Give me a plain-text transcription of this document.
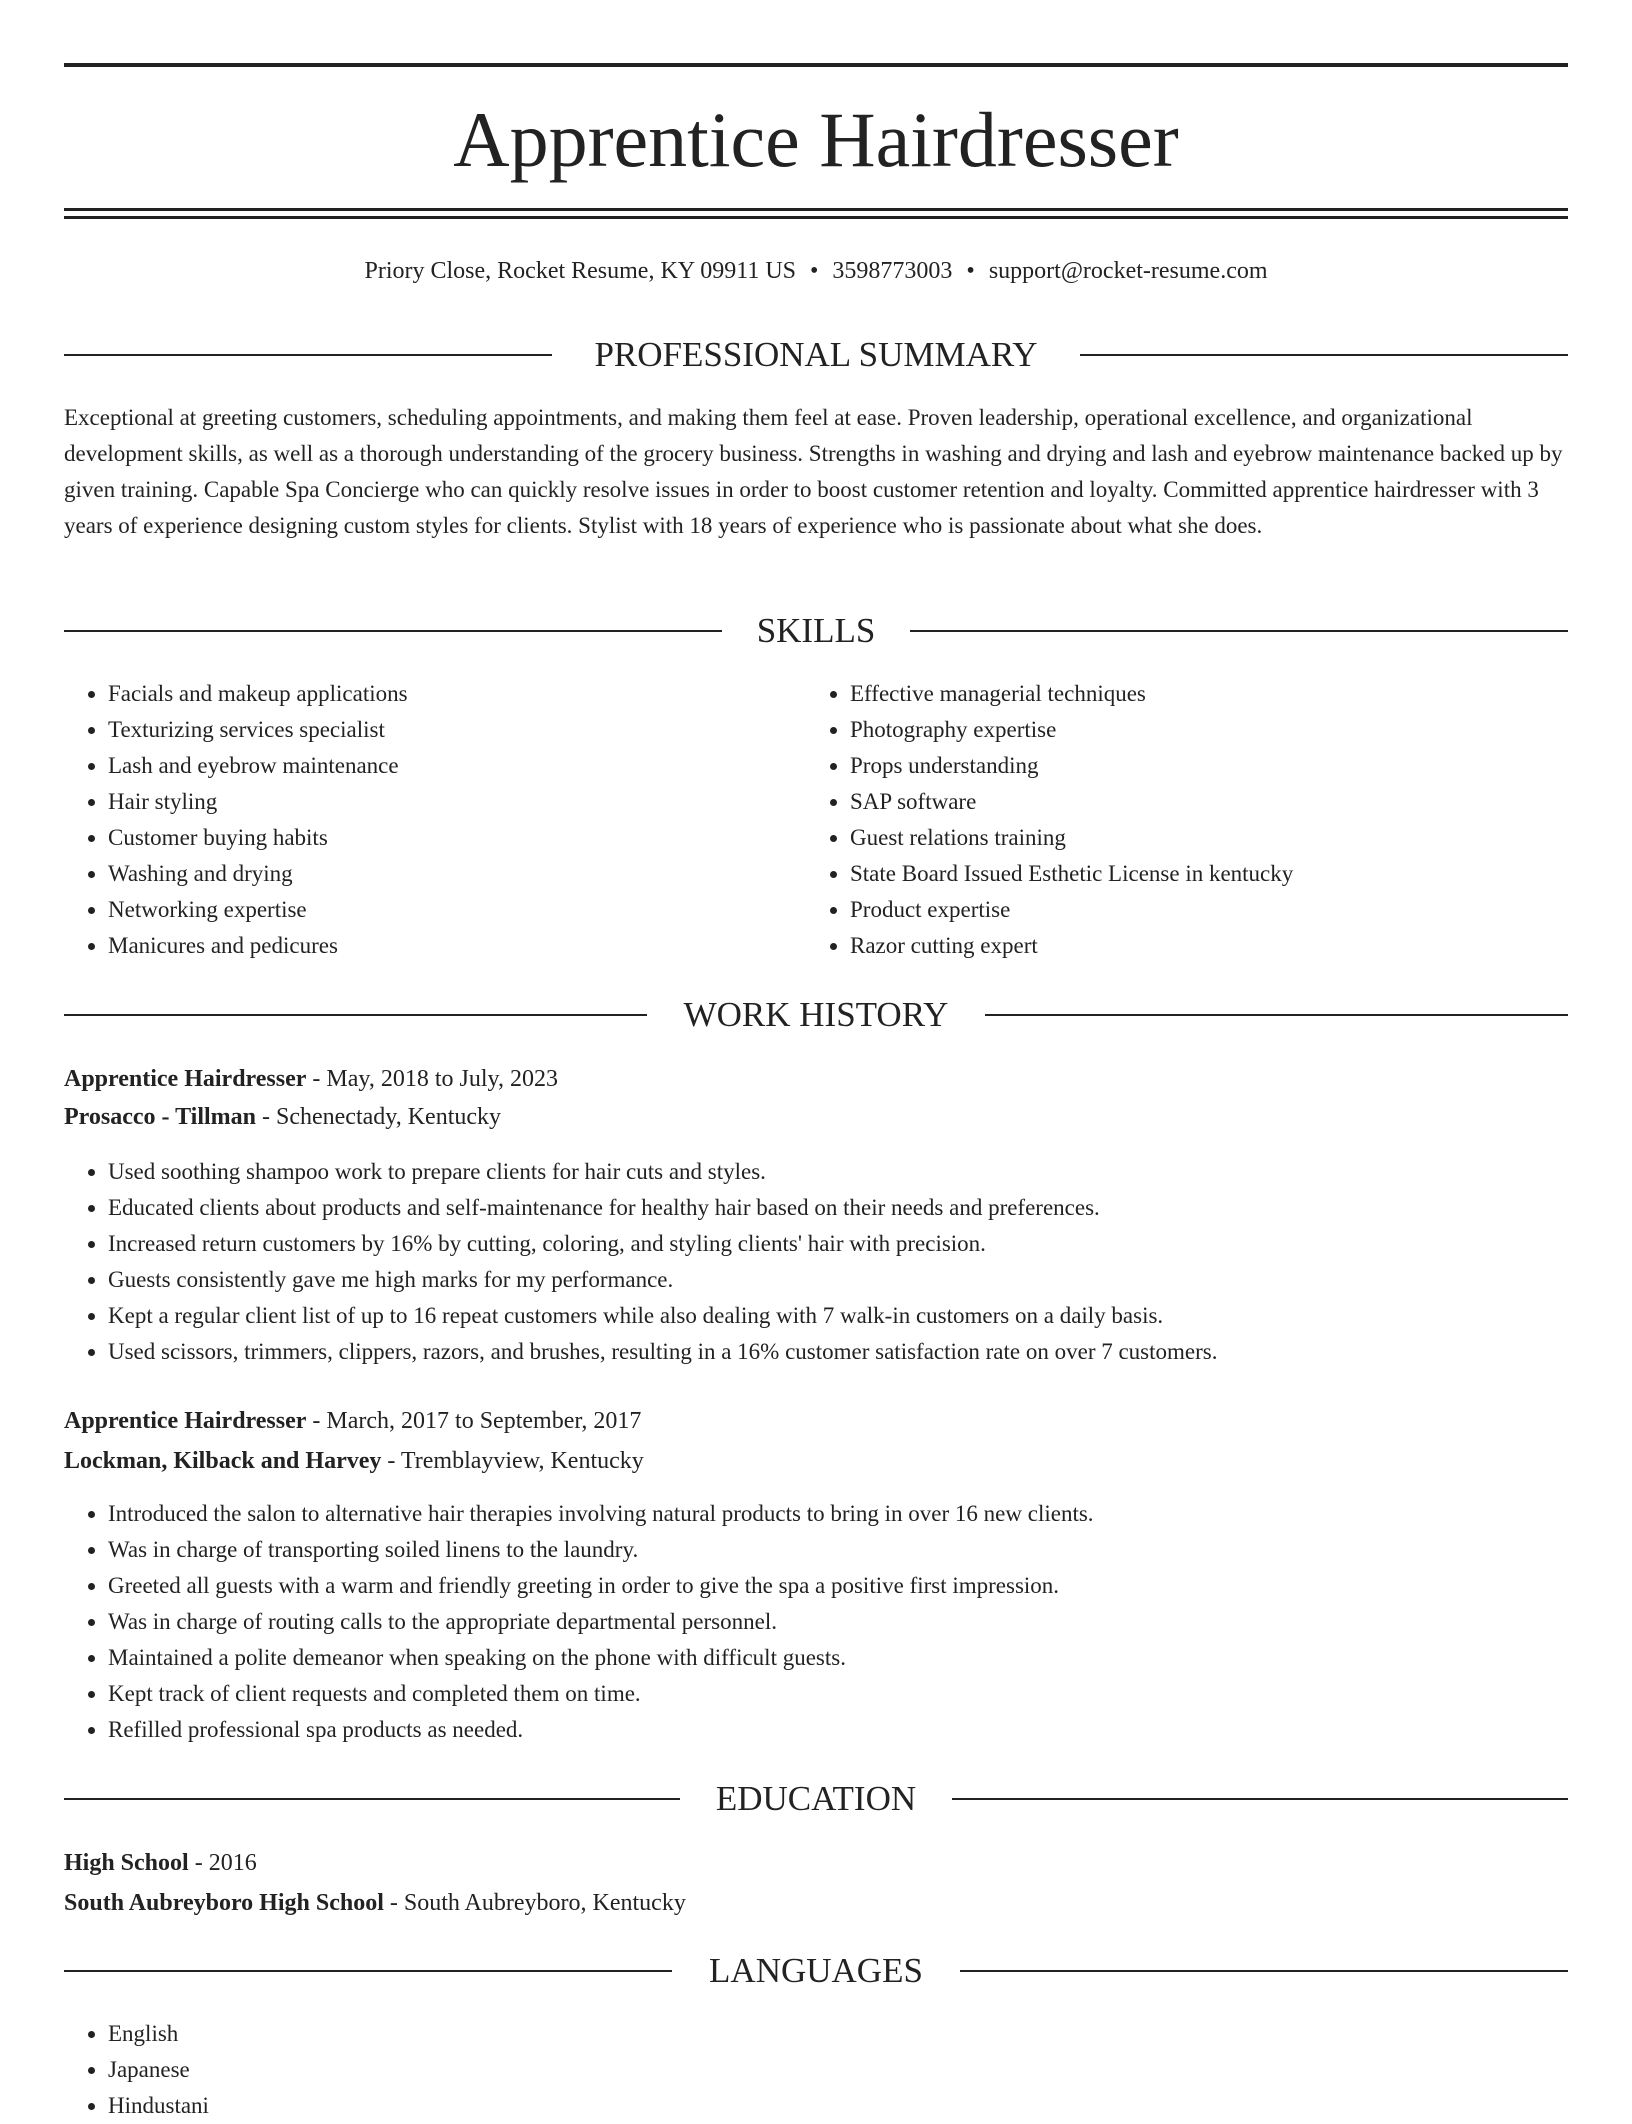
Apprentice Hairdresser
Priory Close, Rocket Resume, KY 09911 US • 3598773003 • support@rocket-resume.com
PROFESSIONAL SUMMARY

Exceptional at greeting customers, scheduling appointments, and making them feel at ease. Proven leadership, operational excellence, and organizational development skills, as well as a thorough understanding of the grocery business. Strengths in washing and drying and lash and eyebrow maintenance backed up by given training. Capable Spa Concierge who can quickly resolve issues in order to boost customer retention and loyalty. Committed apprentice hairdresser with 3 years of experience designing custom styles for clients. Stylist with 18 years of experience who is passionate about what she does.

SKILLS
• Facials and makeup applications
• Texturizing services specialist
• Lash and eyebrow maintenance
• Hair styling
• Customer buying habits
• Washing and drying
• Networking expertise
• Manicures and pedicures
• Effective managerial techniques
• Photography expertise
• Props understanding
• SAP software
• Guest relations training
• State Board Issued Esthetic License in kentucky
• Product expertise
• Razor cutting expert
WORK HISTORY
Apprentice Hairdresser - May, 2018 to July, 2023
Prosacco - Tillman - Schenectady, Kentucky
• Used soothing shampoo work to prepare clients for hair cuts and styles.
• Educated clients about products and self-maintenance for healthy hair based on their needs and preferences.
• Increased return customers by 16% by cutting, coloring, and styling clients' hair with precision.
• Guests consistently gave me high marks for my performance.
• Kept a regular client list of up to 16 repeat customers while also dealing with 7 walk-in customers on a daily basis.
• Used scissors, trimmers, clippers, razors, and brushes, resulting in a 16% customer satisfaction rate on over 7 customers.
Apprentice Hairdresser - March, 2017 to September, 2017
Lockman, Kilback and Harvey - Tremblayview, Kentucky
• Introduced the salon to alternative hair therapies involving natural products to bring in over 16 new clients.
• Was in charge of transporting soiled linens to the laundry.
• Greeted all guests with a warm and friendly greeting in order to give the spa a positive first impression.
• Was in charge of routing calls to the appropriate departmental personnel.
• Maintained a polite demeanor when speaking on the phone with difficult guests.
• Kept track of client requests and completed them on time.
• Refilled professional spa products as needed.
EDUCATION
High School - 2016
South Aubreyboro High School - South Aubreyboro, Kentucky
LANGUAGES
• English
• Japanese
• Hindustani
